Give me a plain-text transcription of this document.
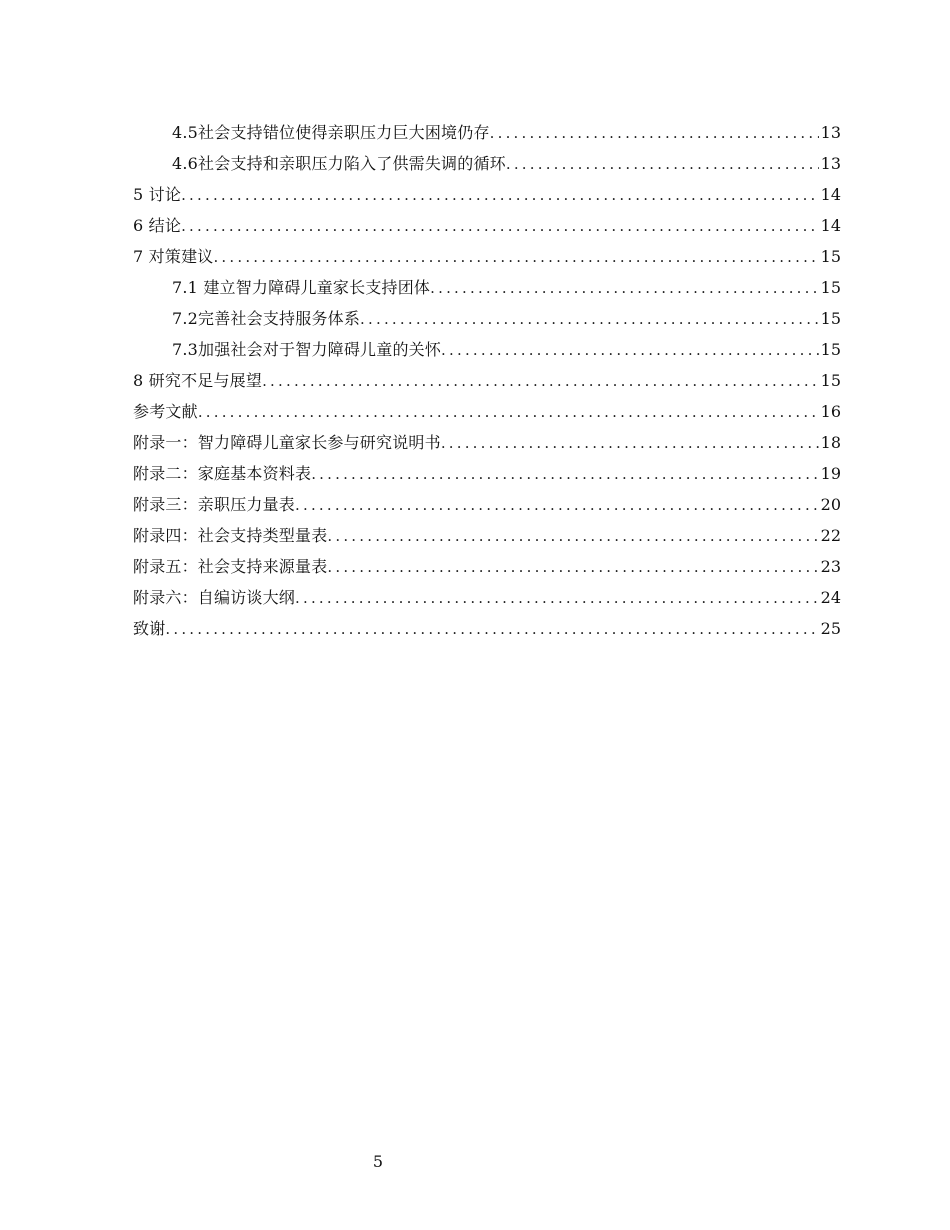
4.5社会支持错位使得亲职压力巨大困境仍存 .....	13
4.6社会支持和亲职压力陷入了供需失调的循环 .....	13
5 讨论 .....	14
6 结论 .....	14
7 对策建议 .....	15
7.1 建立智力障碍儿童家长支持团体 .....	15
7.2完善社会支持服务体系 .....	15
7.3加强社会对于智力障碍儿童的关怀 .....	15
8 研究不足与展望 .....	15
参考文献 .....	16
附录一：智力障碍儿童家长参与研究说明书 .....	18
附录二：家庭基本资料表 .....	19
附录三：亲职压力量表 .....	20
附录四：社会支持类型量表 .....	22
附录五：社会支持来源量表 .....	23
附录六：自编访谈大纲 .....	24
致谢 .....	25
5
